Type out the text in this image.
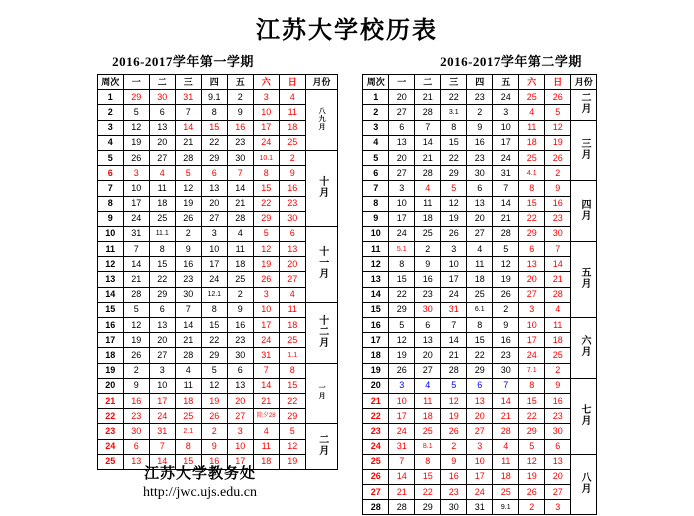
江苏大学校历表
2016-2017学年第一学期	2016-2017学年第二学期
周次	一	二	三	四	五	六	日	月份
1	29	30	31	9.1	2	3	4	八九月
2	5	6	7	8	9	10	11	
3	12	13	14	15	16	17	18	
4	19	20	21	22	23	24	25	
5	26	27	28	29	30	10.1	2	十月
6	3	4	5	6	7	8	9	
7	10	11	12	13	14	15	16	
8	17	18	19	20	21	22	23	
9	24	25	26	27	28	29	30	
10	31	11.1	2	3	4	5	6	十一月
11	7	8	9	10	11	12	13	
12	14	15	16	17	18	19	20	
13	21	22	23	24	25	26	27	
14	28	29	30	12.1	2	3	4	
15	5	6	7	8	9	10	11	十二月
16	12	13	14	15	16	17	18	
17	19	20	21	22	23	24	25	
18	26	27	28	29	30	31	1.1	
19	2	3	4	5	6	7	8	一月
20	9	10	11	12	13	14	15	
21	16	17	18	19	20	21	22	
22	23	24	25	26	27	除夕28	29	
23	30	31	2.1	2	3	4	5	二月
24	6	7	8	9	10	11	12	
25	13	14	15	16	17	18	19	
周次	一	二	三	四	五	六	日	月份
1	20	21	22	23	24	25	26	二月
2	27	28	3.1	2	3	4	5	
3	6	7	8	9	10	11	12	三月
4	13	14	15	16	17	18	19	
5	20	21	22	23	24	25	26	
6	27	28	29	30	31	4.1	2	
7	3	4	5	6	7	8	9	四月
8	10	11	12	13	14	15	16	
9	17	18	19	20	21	22	23	
10	24	25	26	27	28	29	30	
11	5.1	2	3	4	5	6	7	五月
12	8	9	10	11	12	13	14	
13	15	16	17	18	19	20	21	
14	22	23	24	25	26	27	28	
15	29	30	31	6.1	2	3	4	
16	5	6	7	8	9	10	11	六月
17	12	13	14	15	16	17	18	
18	19	20	21	22	23	24	25	
19	26	27	28	29	30	7.1	2	
20	3	4	5	6	7	8	9	七月
21	10	11	12	13	14	15	16	
22	17	18	19	20	21	22	23	
23	24	25	26	27	28	29	30	
24	31	8.1	2	3	4	5	6	
25	7	8	9	10	11	12	13	八月
26	14	15	16	17	18	19	20	
27	21	22	23	24	25	26	27	
28	28	29	30	31	9.1	2	3	
江苏大学教务处
http://jwc.ujs.edu.cn
